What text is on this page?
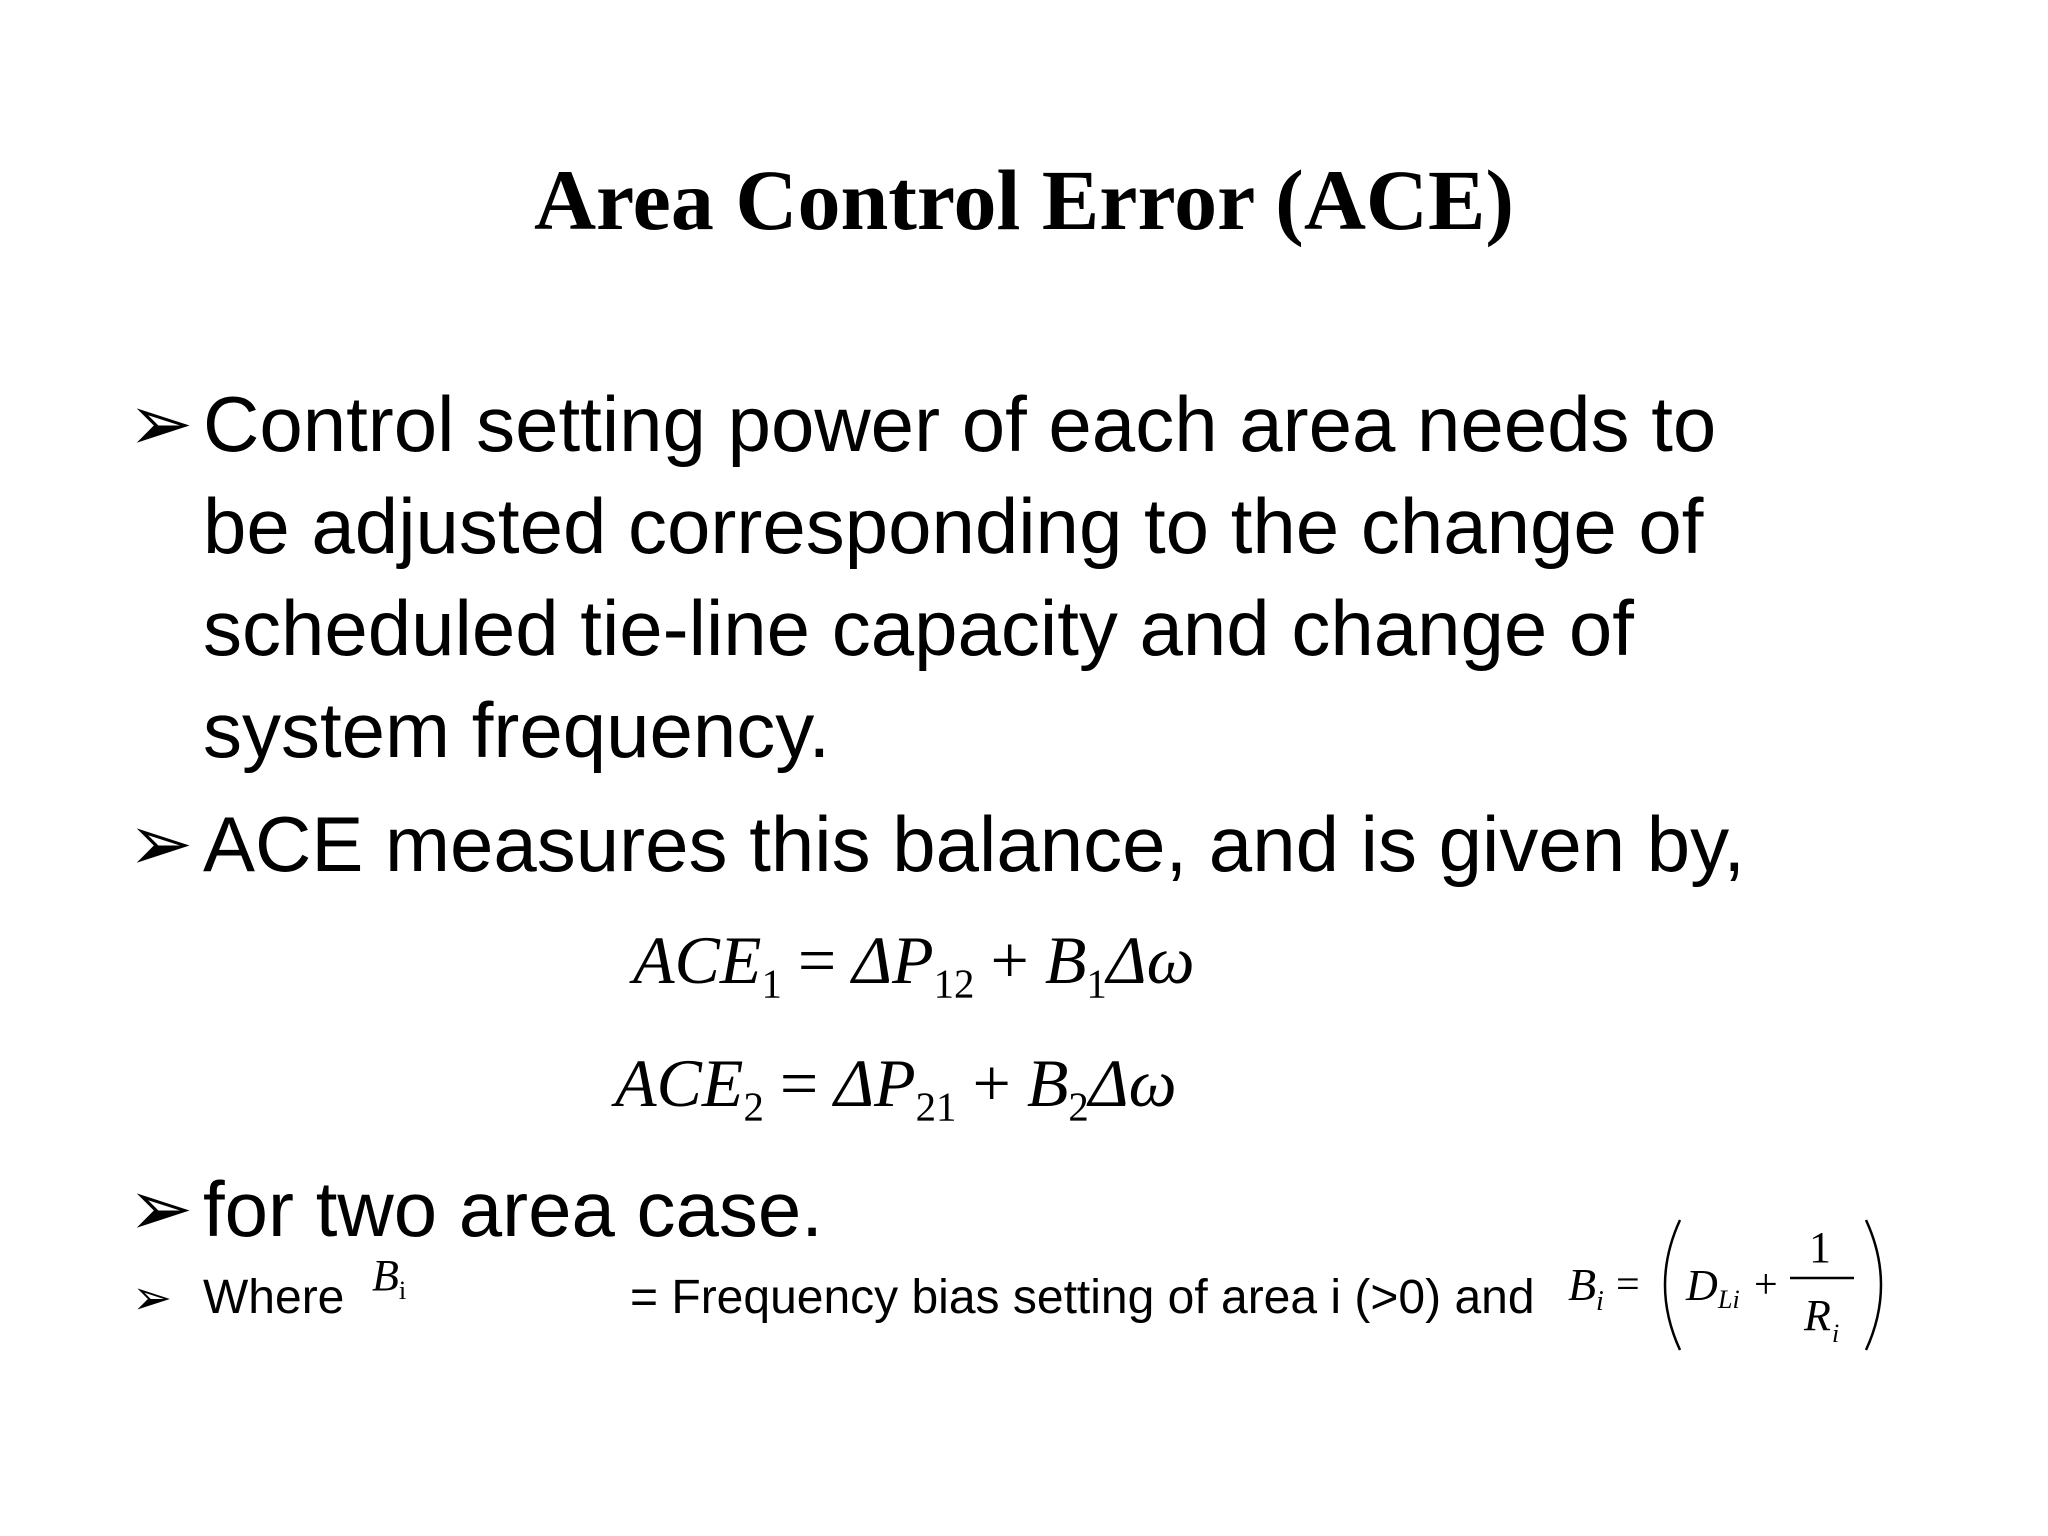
Area Control Error (ACE)
➢ Control setting power of each area needs to
be adjusted corresponding to the change of
scheduled tie-line capacity and change of
system frequency.
➢ ACE measures this balance, and is given by,
$ACE_1 = \Delta P_{12} + B_1\Delta\omega$
$ACE_2 = \Delta P_{21} + B_2\Delta\omega$
➢ for two area case.
➢ Where $B_i$	= Frequency bias setting of area i (>0) and B i = D Li +
1
R i
